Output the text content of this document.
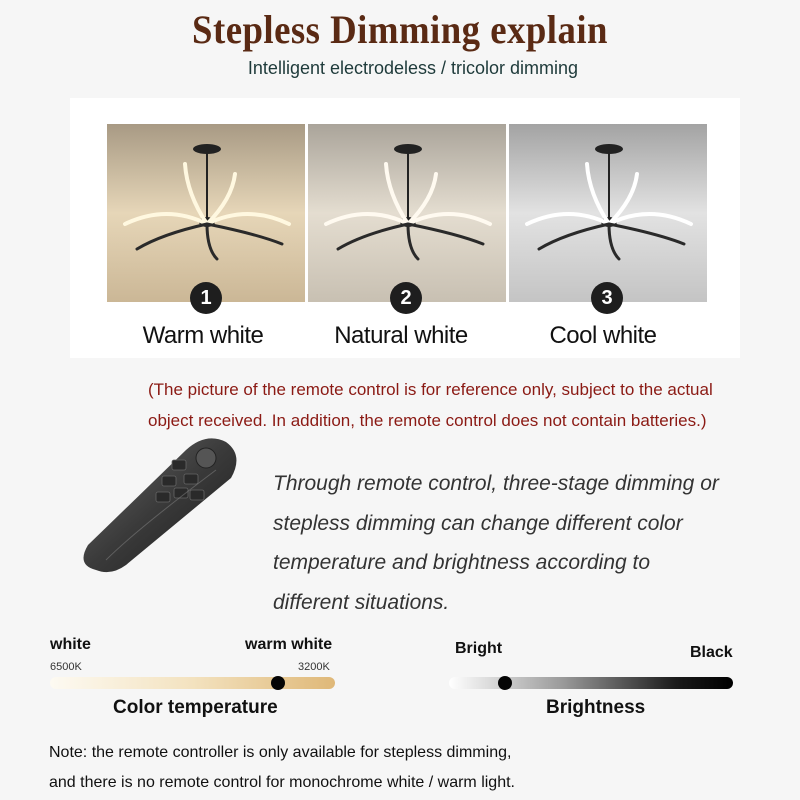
Stepless Dimming explain
Intelligent electrodeless / tricolor dimming
1	2	3
Warm white	Natural white	Cool white
(The picture of the remote control is for reference only, subject to the actual
object received. In addition, the remote control does not contain batteries.)
Through remote control, three-stage dimming or
stepless dimming can change different color
temperature and brightness according to
different situations.
white	warm white
6500K	3200K
Color temperature
Bright	Black
Brightness
Note: the remote controller is only available for stepless dimming,
and there is no remote control for monochrome white / warm light.
